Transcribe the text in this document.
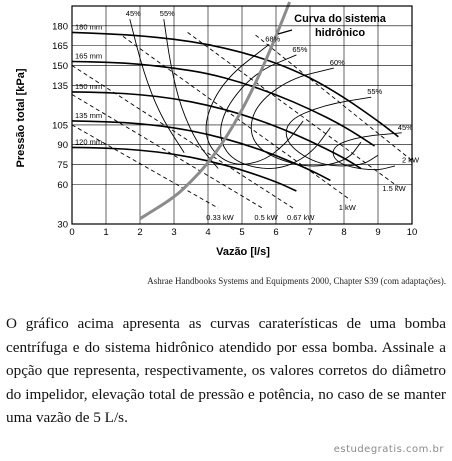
0	1	2	3	4	5	6	7	8	9	10
30
60
75
90
105
135
150
165
180
0.33 kW	0.5 kW 0.67 kW
1 kW
1.5 kW
2 kW
45%	55%
68%
65%
60%
55%
45%
180 mm
165 mm
150 mm
135 mm
120 mm
Pressão total [kPa]
Vazão [l/s]
Curva do sistema
hidrônico
Ashrae Handbooks Systems and Equipments 2000, Chapter S39 (com adaptações).
O gráfico acima apresenta as curvas caraterísticas de uma bomba centrífuga e do sistema hidrônico atendido por essa bomba. Assinale a opção que representa, respectivamente, os valores corretos do diâmetro do impelidor, elevação total de pressão e potência, no caso de se manter uma vazão de 5 L/s.
estudegratis.com.br
